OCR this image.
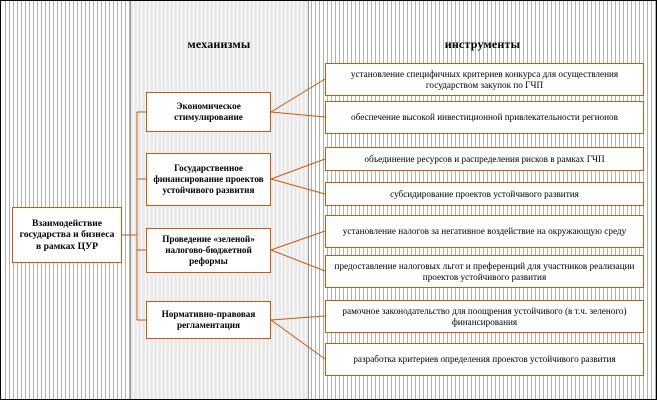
механизмы	инструменты
Взаимодействие государства и бизнеса в рамках ЦУР
Экономическое стимулирование
Государственное финансирование проектов устойчивого развития
Проведение «зеленой» налогово-бюджетной реформы
Нормативно-правовая регламентация
установление специфичных критериев конкурса для осуществления государством закупок по ГЧП
обеспечение высокой инвестиционной привлекательности регионов
объединение ресурсов и распределения рисков в рамках ГЧП
субсидирование проектов устойчивого развития
установление налогов за негативное воздействие на окружающую среду
предоставление налоговых льгот и преференций для участников реализации проектов устойчивого развития
рамочное законодательство для поощрения устойчивого (в т.ч. зеленого) финансирования
разработка критериев определения проектов устойчивого развития
